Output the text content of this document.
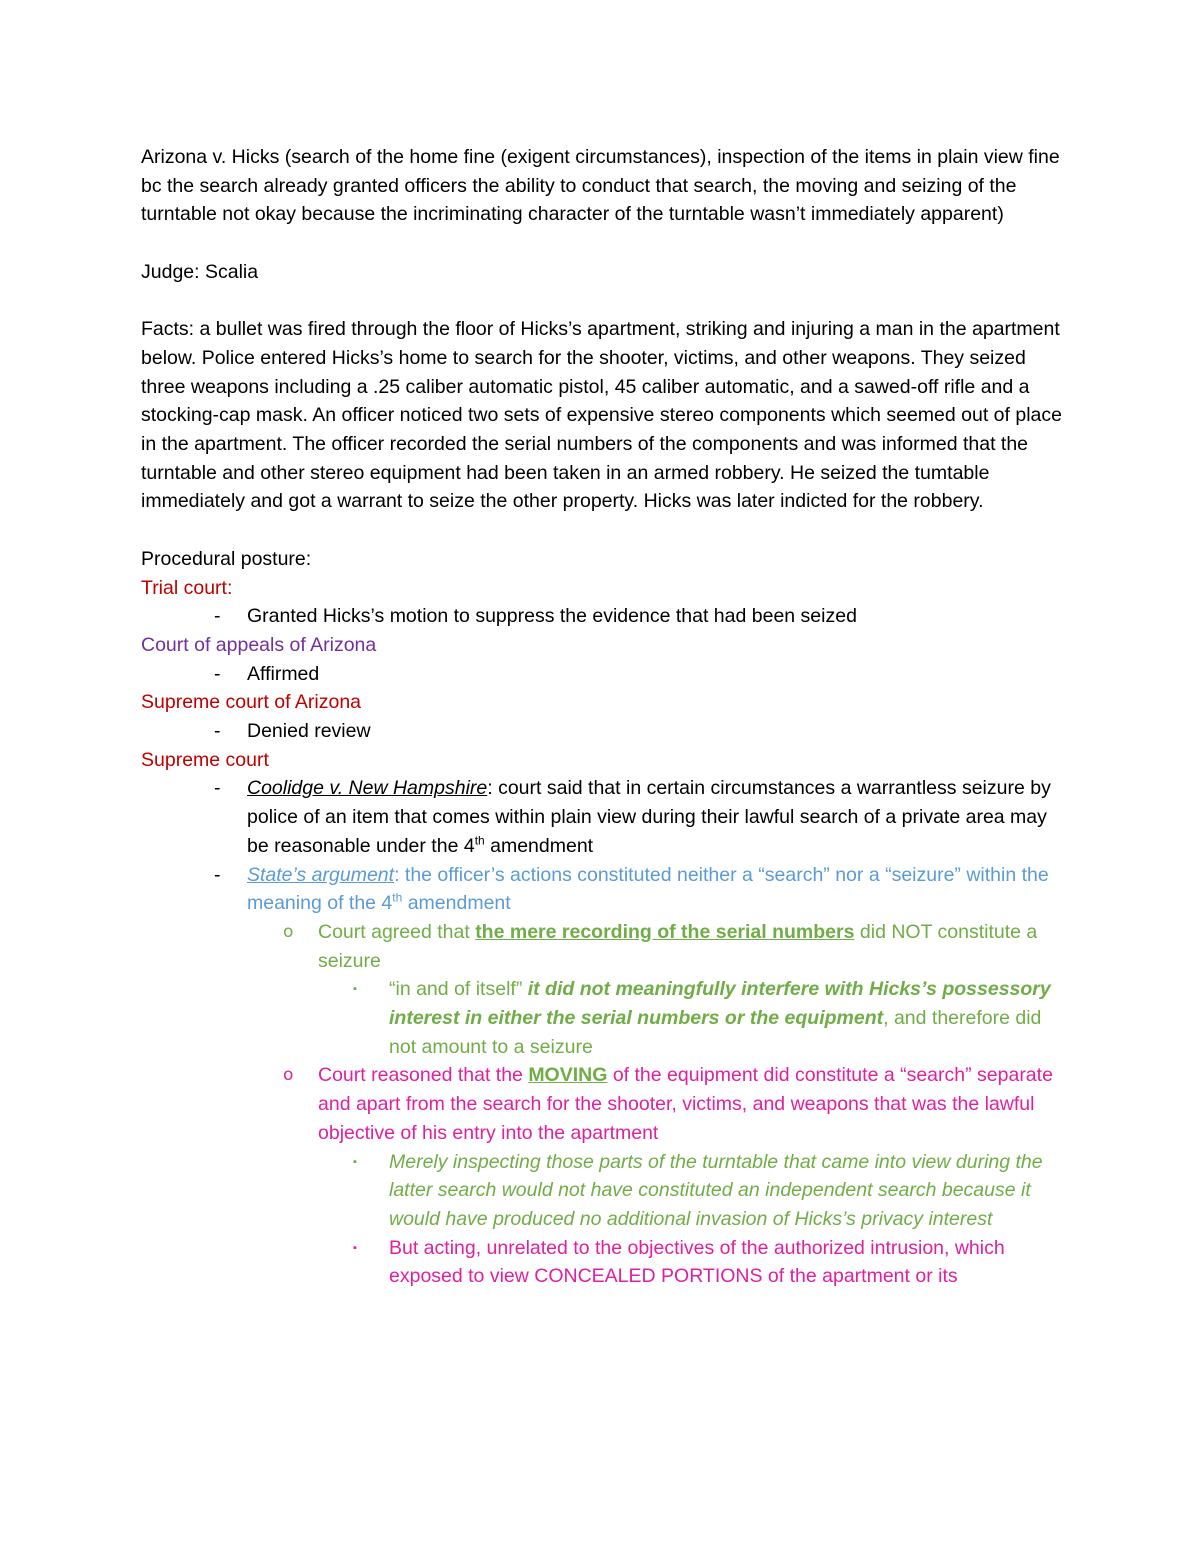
Arizona v. Hicks (search of the home fine (exigent circumstances), inspection of the items in plain view fine bc the search already granted officers the ability to conduct that search, the moving and seizing of the turntable not okay because the incriminating character of the turntable wasn’t immediately apparent)

Judge: Scalia

Facts: a bullet was fired through the floor of Hicks’s apartment, striking and injuring a man in the apartment below. Police entered Hicks’s home to search for the shooter, victims, and other weapons. They seized three weapons including a .25 caliber automatic pistol, 45 caliber automatic, and a sawed-off rifle and a stocking-cap mask. An officer noticed two sets of expensive stereo components which seemed out of place in the apartment. The officer recorded the serial numbers of the components and was informed that the turntable and other stereo equipment had been taken in an armed robbery. He seized the tumtable immediately and got a warrant to seize the other property. Hicks was later indicted for the robbery.

Procedural posture:

Trial court:

- Granted Hicks’s motion to suppress the evidence that had been seized

Court of appeals of Arizona

- Affirmed

Supreme court of Arizona

- Denied review

Supreme court

- Coolidge v. New Hampshire: court said that in certain circumstances a warrantless seizure by police of an item that comes within plain view during their lawful search of a private area may be reasonable under the 4th amendment
- State’s argument: the officer’s actions constituted neither a “search” nor a “seizure” within the meaning of the 4th amendment
o Court agreed that the mere recording of the serial numbers did NOT constitute a seizure
▪ “in and of itself” it did not meaningfully interfere with Hicks’s possessory interest in either the serial numbers or the equipment, and therefore did not amount to a seizure
o Court reasoned that the MOVING of the equipment did constitute a “search” separate and apart from the search for the shooter, victims, and weapons that was the lawful objective of his entry into the apartment
▪ Merely inspecting those parts of the turntable that came into view during the latter search would not have constituted an independent search because it would have produced no additional invasion of Hicks’s privacy interest
▪ But acting, unrelated to the objectives of the authorized intrusion, which exposed to view CONCEALED PORTIONS of the apartment or its
